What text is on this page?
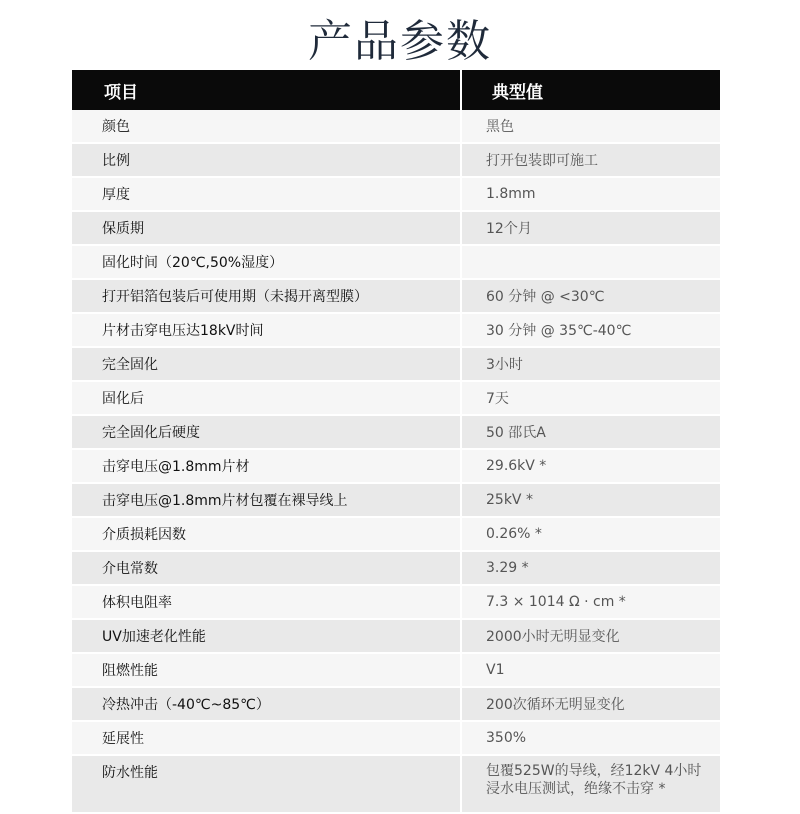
产品参数
项目	典型值
颜色	黑色
比例	打开包装即可施工
厚度	1.8mm
保质期	12个月
固化时间（20℃,50%湿度）	
打开铝箔包装后可使用期（未揭开离型膜）	60 分钟 @ <30℃
片材击穿电压达18kV时间	30 分钟 @ 35℃-40℃
完全固化	3小时
固化后	7天
完全固化后硬度	50 邵氏A
击穿电压@1.8mm片材	29.6kV *
击穿电压@1.8mm片材包覆在裸导线上	25kV *
介质损耗因数	0.26% *
介电常数	3.29 *
体积电阻率	7.3 × 1014 Ω · cm *
UV加速老化性能	2000小时无明显变化
阻燃性能	V1
冷热冲击（-40℃~85℃）	200次循环无明显变化
延展性	350%
防水性能	包覆525W的导线，经12kV 4小时浸水电压测试，绝缘不击穿 *
